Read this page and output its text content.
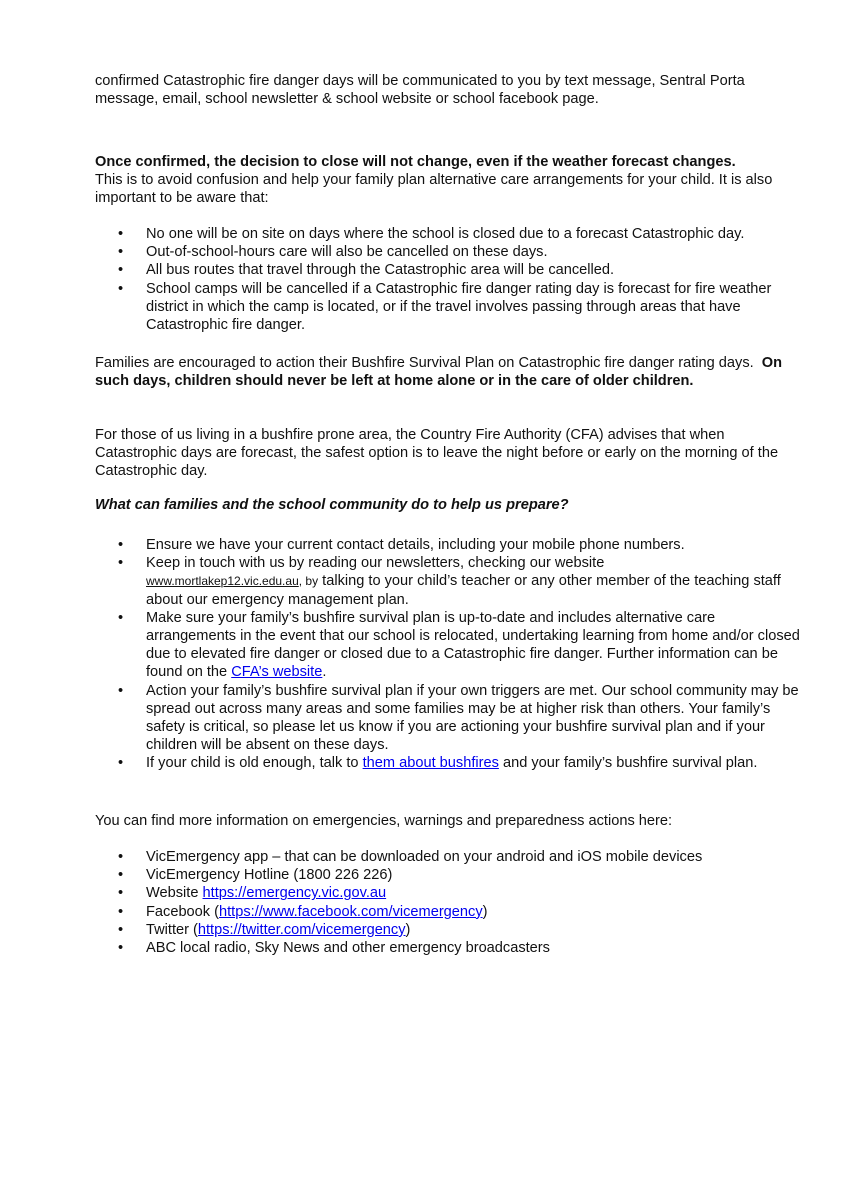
confirmed Catastrophic fire danger days will be communicated to you by text message, Sentral Porta message, email, school newsletter & school website or school facebook page.

Once confirmed, the decision to close will not change, even if the weather forecast changes.
This is to avoid confusion and help your family plan alternative care arrangements for your child. It is also important to be aware that:

• No one will be on site on days where the school is closed due to a forecast Catastrophic day.
• Out-of-school-hours care will also be cancelled on these days.
• All bus routes that travel through the Catastrophic area will be cancelled.
• School camps will be cancelled if a Catastrophic fire danger rating day is forecast for fire weather district in which the camp is located, or if the travel involves passing through areas that have Catastrophic fire danger.

Families are encouraged to action their Bushfire Survival Plan on Catastrophic fire danger rating days. On such days, children should never be left at home alone or in the care of older children.

For those of us living in a bushfire prone area, the Country Fire Authority (CFA) advises that when Catastrophic days are forecast, the safest option is to leave the night before or early on the morning of the Catastrophic day.

What can families and the school community do to help us prepare?

• Ensure we have your current contact details, including your mobile phone numbers.
• Keep in touch with us by reading our newsletters, checking our website
www.mortlakep12.vic.edu.au, by talking to your child’s teacher or any other member of the teaching staff about our emergency management plan.
• Make sure your family’s bushfire survival plan is up-to-date and includes alternative care arrangements in the event that our school is relocated, undertaking learning from home and/or closed due to elevated fire danger or closed due to a Catastrophic fire danger. Further information can be found on the CFA’s website.
• Action your family’s bushfire survival plan if your own triggers are met. Our school community may be spread out across many areas and some families may be at higher risk than others. Your family’s safety is critical, so please let us know if you are actioning your bushfire survival plan and if your children will be absent on these days.
• If your child is old enough, talk to them about bushfires and your family’s bushfire survival plan.

You can find more information on emergencies, warnings and preparedness actions here:

• VicEmergency app – that can be downloaded on your android and iOS mobile devices
• VicEmergency Hotline (1800 226 226)
• Website https://emergency.vic.gov.au
• Facebook (https://www.facebook.com/vicemergency)
• Twitter (https://twitter.com/vicemergency)
• ABC local radio, Sky News and other emergency broadcasters
